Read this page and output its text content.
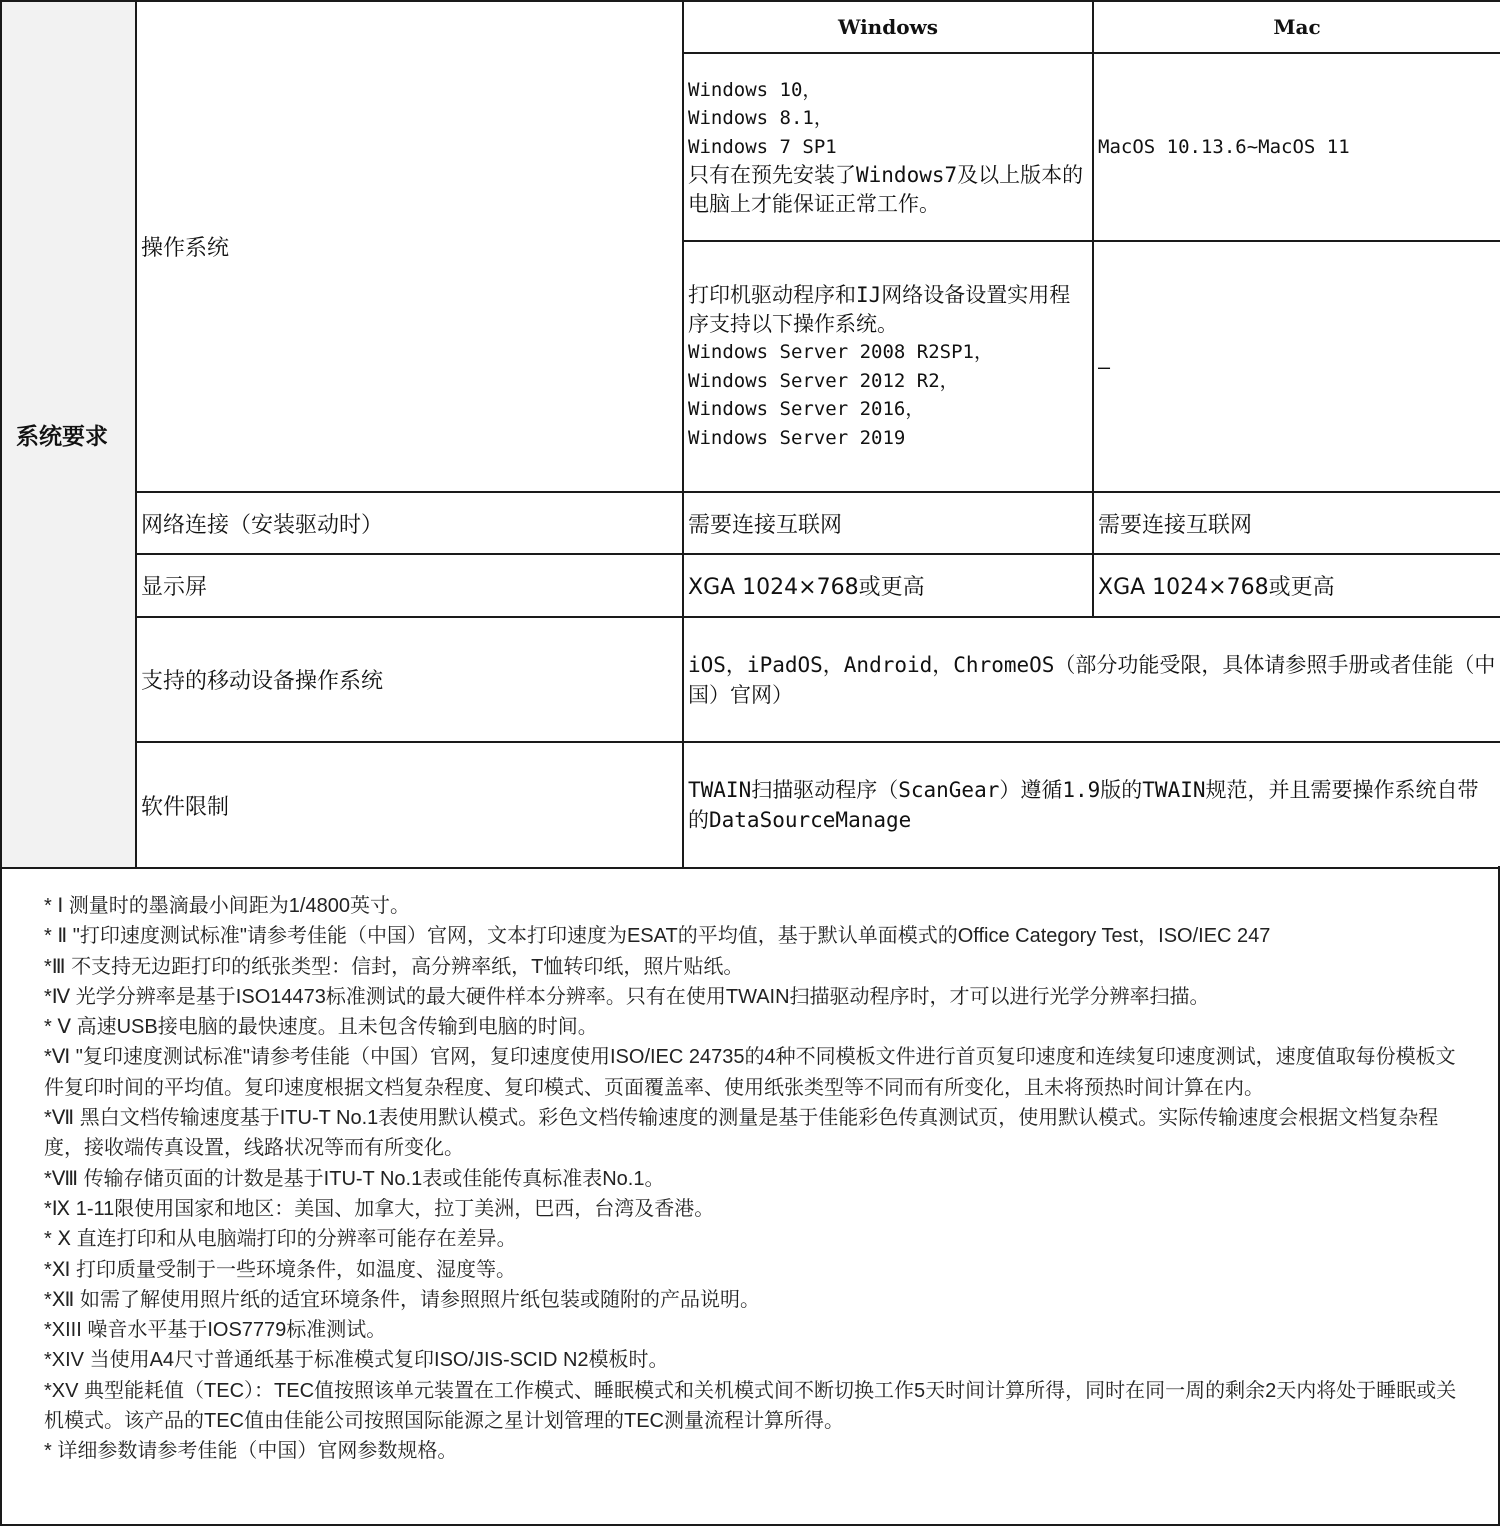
系统要求	操作系统	Windows	Mac

		Windows 10，
Windows 8.1，
Windows 7 SP1
只有在预先安装了Windows7及以上版本的电脑上才能保证正常工作。	MacOS 10.13.6~MacOS 11

		打印机驱动程序和IJ网络设备设置实用程序支持以下操作系统。
Windows Server 2008 R2SP1，
Windows Server 2012 R2，
Windows Server 2016，
Windows Server 2019	–
	网络连接（安装驱动时）	需要连接互联网	需要连接互联网
	显示屏	XGA 1024×768或更高	XGA 1024×768或更高
	支持的移动设备操作系统	iOS，iPadOS，Android，ChromeOS（部分功能受限，具体请参照手册或者佳能（中国）官网）	
	软件限制	TWAIN扫描驱动程序（ScanGear）遵循1.9版的TWAIN规范，并且需要操作系统自带的DataSourceManage	

* Ⅰ 测量时的墨滴最小间距为1/4800英寸。

* Ⅱ "打印速度测试标准"请参考佳能（中国）官网，文本打印速度为ESAT的平均值，基于默认单面模式的Office Category Test，ISO/IEC 247

*Ⅲ 不支持无边距打印的纸张类型：信封，高分辨率纸，T恤转印纸，照片贴纸。

*Ⅳ 光学分辨率是基于ISO14473标准测试的最大硬件样本分辨率。只有在使用TWAIN扫描驱动程序时，才可以进行光学分辨率扫描。

* Ⅴ 高速USB接电脑的最快速度。且未包含传输到电脑的时间。

*Ⅵ "复印速度测试标准"请参考佳能（中国）官网，复印速度使用ISO/IEC 24735的4种不同模板文件进行首页复印速度和连续复印速度测试，速度值取每份模板文件复印时间的平均值。复印速度根据文档复杂程度、复印模式、页面覆盖率、使用纸张类型等不同而有所变化，且未将预热时间计算在内。

*Ⅶ 黑白文档传输速度基于ITU-T No.1表使用默认模式。彩色文档传输速度的测量是基于佳能彩色传真测试页，使用默认模式。实际传输速度会根据文档复杂程度，接收端传真设置，线路状况等而有所变化。

*Ⅷ 传输存储页面的计数是基于ITU-T No.1表或佳能传真标准表No.1。

*Ⅸ 1-11限使用国家和地区：美国、加拿大，拉丁美洲，巴西，台湾及香港。

* Ⅹ 直连打印和从电脑端打印的分辨率可能存在差异。

*Ⅺ 打印质量受制于一些环境条件，如温度、湿度等。

*Ⅻ 如需了解使用照片纸的适宜环境条件，请参照照片纸包装或随附的产品说明。

*XIII 噪音水平基于IOS7779标准测试。

*XIV 当使用A4尺寸普通纸基于标准模式复印ISO/JIS-SCID N2模板时。

*XV 典型能耗值（TEC）：TEC值按照该单元装置在工作模式、睡眠模式和关机模式间不断切换工作5天时间计算所得，同时在同一周的剩余2天内将处于睡眠或关机模式。该产品的TEC值由佳能公司按照国际能源之星计划管理的TEC测量流程计算所得。

* 详细参数请参考佳能（中国）官网参数规格。
